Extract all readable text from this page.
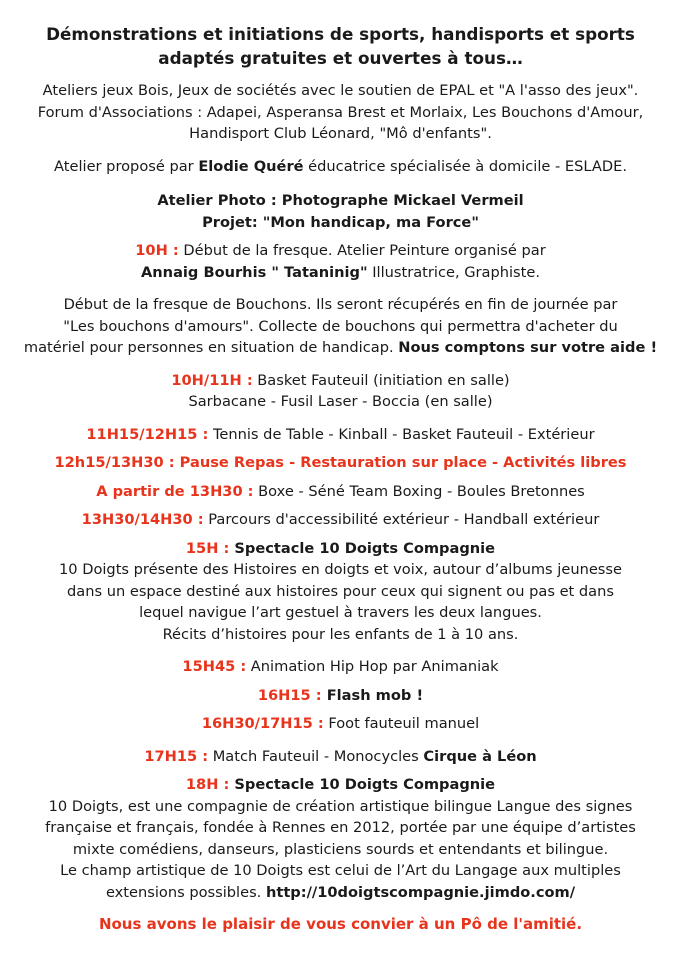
Démonstrations et initiations de sports, handisports et sports
adaptés gratuites et ouvertes à tous…

Ateliers jeux Bois, Jeux de sociétés avec le soutien de EPAL et "A l'asso des jeux".
Forum d'Associations : Adapei, Asperansa Brest et Morlaix, Les Bouchons d'Amour,
Handisport Club Léonard, "Mô d'enfants".

Atelier proposé par Elodie Quéré éducatrice spécialisée à domicile - ESLADE.

Atelier Photo : Photographe Mickael Vermeil
Projet: "Mon handicap, ma Force"

10H : Début de la fresque. Atelier Peinture organisé par
Annaig Bourhis " Tataninig" Illustratrice, Graphiste.

Début de la fresque de Bouchons. Ils seront récupérés en fin de journée par
"Les bouchons d'amours". Collecte de bouchons qui permettra d'acheter du
matériel pour personnes en situation de handicap. Nous comptons sur votre aide !

10H/11H : Basket Fauteuil (initiation en salle)
Sarbacane - Fusil Laser - Boccia (en salle)

11H15/12H15 : Tennis de Table - Kinball - Basket Fauteuil - Extérieur

12h15/13H30 : Pause Repas - Restauration sur place - Activités libres

A partir de 13H30 : Boxe - Séné Team Boxing - Boules Bretonnes

13H30/14H30 : Parcours d'accessibilité extérieur - Handball extérieur

15H : Spectacle 10 Doigts Compagnie
10 Doigts présente des Histoires en doigts et voix, autour d’albums jeunesse
dans un espace destiné aux histoires pour ceux qui signent ou pas et dans
lequel navigue l’art gestuel à travers les deux langues.
Récits d’histoires pour les enfants de 1 à 10 ans.

15H45 : Animation Hip Hop par Animaniak

16H15 : Flash mob !

16H30/17H15 : Foot fauteuil manuel

17H15 : Match Fauteuil - Monocycles Cirque à Léon

18H : Spectacle 10 Doigts Compagnie
10 Doigts, est une compagnie de création artistique bilingue Langue des signes
française et français, fondée à Rennes en 2012, portée par une équipe d’artistes
mixte comédiens, danseurs, plasticiens sourds et entendants et bilingue.
Le champ artistique de 10 Doigts est celui de l’Art du Langage aux multiples
extensions possibles. http://10doigtscompagnie.jimdo.com/

Nous avons le plaisir de vous convier à un Pô de l'amitié.
